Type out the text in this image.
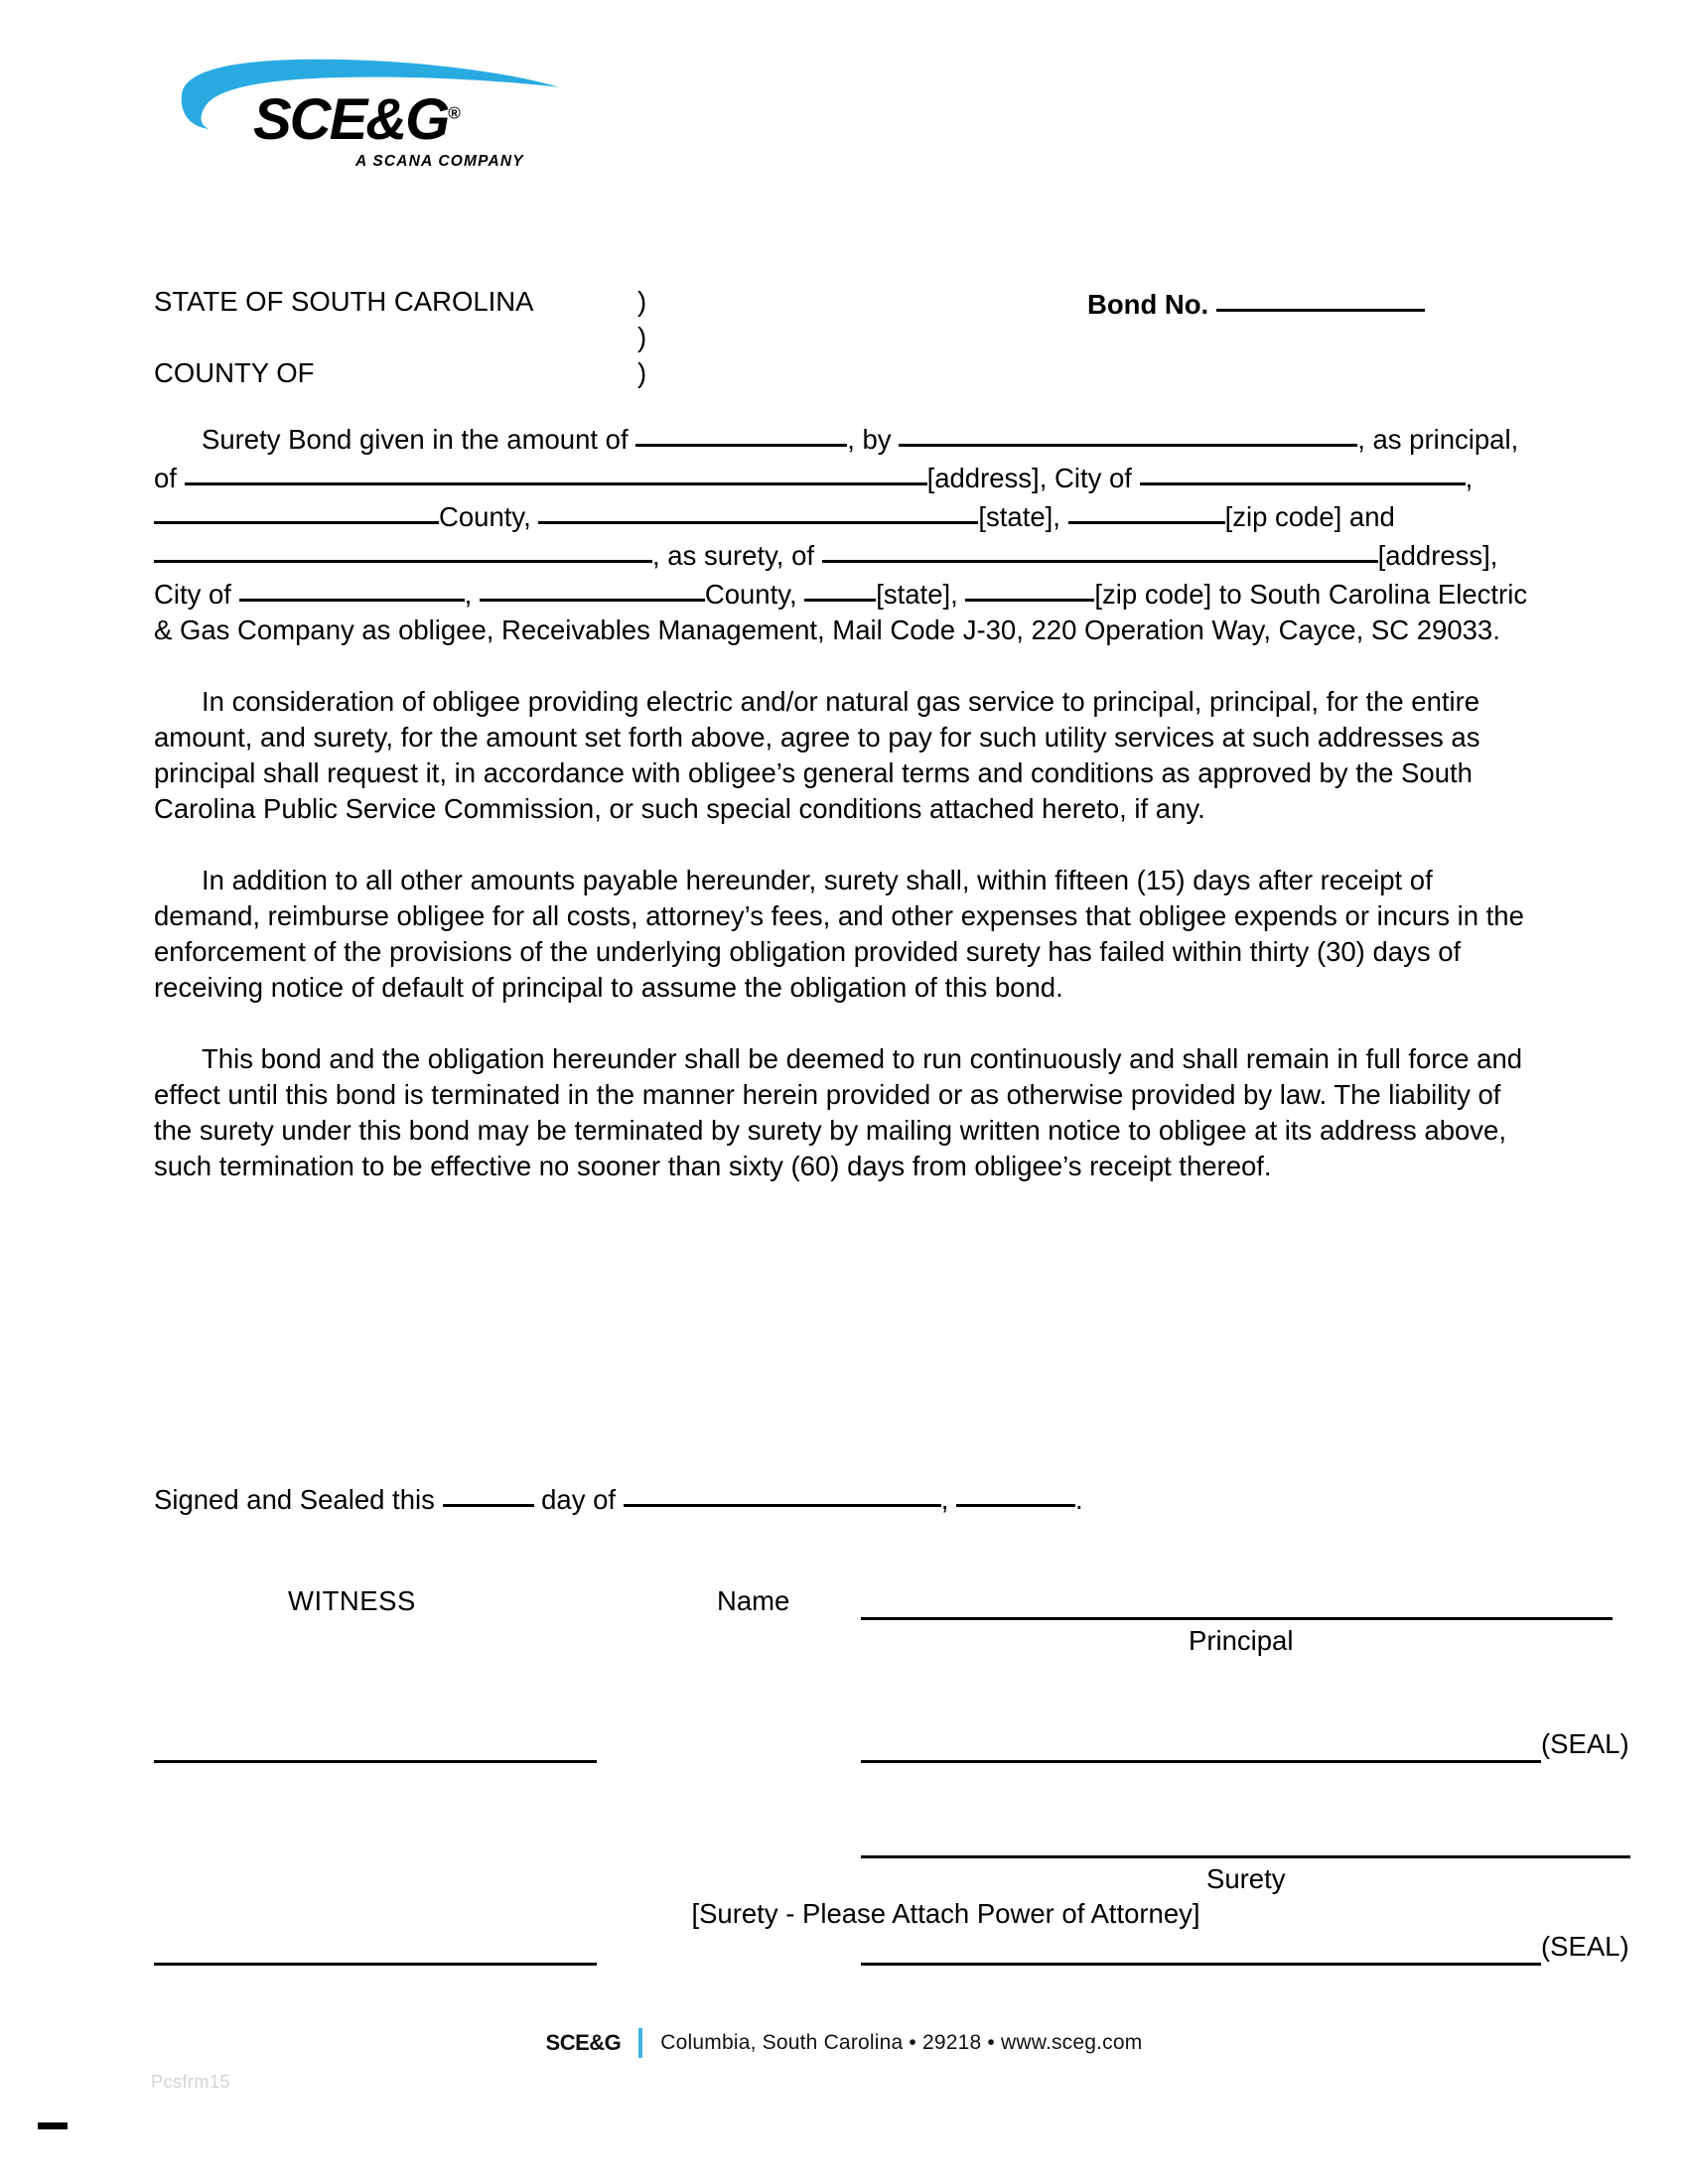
SCE&G®
A SCANA COMPANY
STATE OF SOUTH CAROLINA	)	Bond No.
)
COUNTY OF	)

Surety Bond given in the amount of	, by	, as principal, of	[address], City of	, County,	[state],	[zip code] and , as surety, of	[address], City of	,	County,	[state],	[zip code] to South Carolina Electric & Gas Company as obligee, Receivables Management, Mail Code J-30, 220 Operation Way, Cayce, SC 29033.

In consideration of obligee providing electric and/or natural gas service to principal, principal, for the entire amount, and surety, for the amount set forth above, agree to pay for such utility services at such addresses as principal shall request it, in accordance with obligee’s general terms and conditions as approved by the South Carolina Public Service Commission, or such special conditions attached hereto, if any.

In addition to all other amounts payable hereunder, surety shall, within fifteen (15) days after receipt of demand, reimburse obligee for all costs, attorney’s fees, and other expenses that obligee expends or incurs in the enforcement of the provisions of the underlying obligation provided surety has failed within thirty (30) days of receiving notice of default of principal to assume the obligation of this bond.

This bond and the obligation hereunder shall be deemed to run continuously and shall remain in full force and effect until this bond is terminated in the manner herein provided or as otherwise provided by law. The liability of the surety under this bond may be terminated by surety by mailing written notice to obligee at its address above, such termination to be effective no sooner than sixty (60) days from obligee’s receipt thereof.

Signed and Sealed this	day of	,	.
WITNESS	Name
Principal
(SEAL)
Surety
(SEAL)
[Surety - Please Attach Power of Attorney]
SCE&G Columbia, South Carolina • 29218 • www.sceg.com
Pcsfrm15
